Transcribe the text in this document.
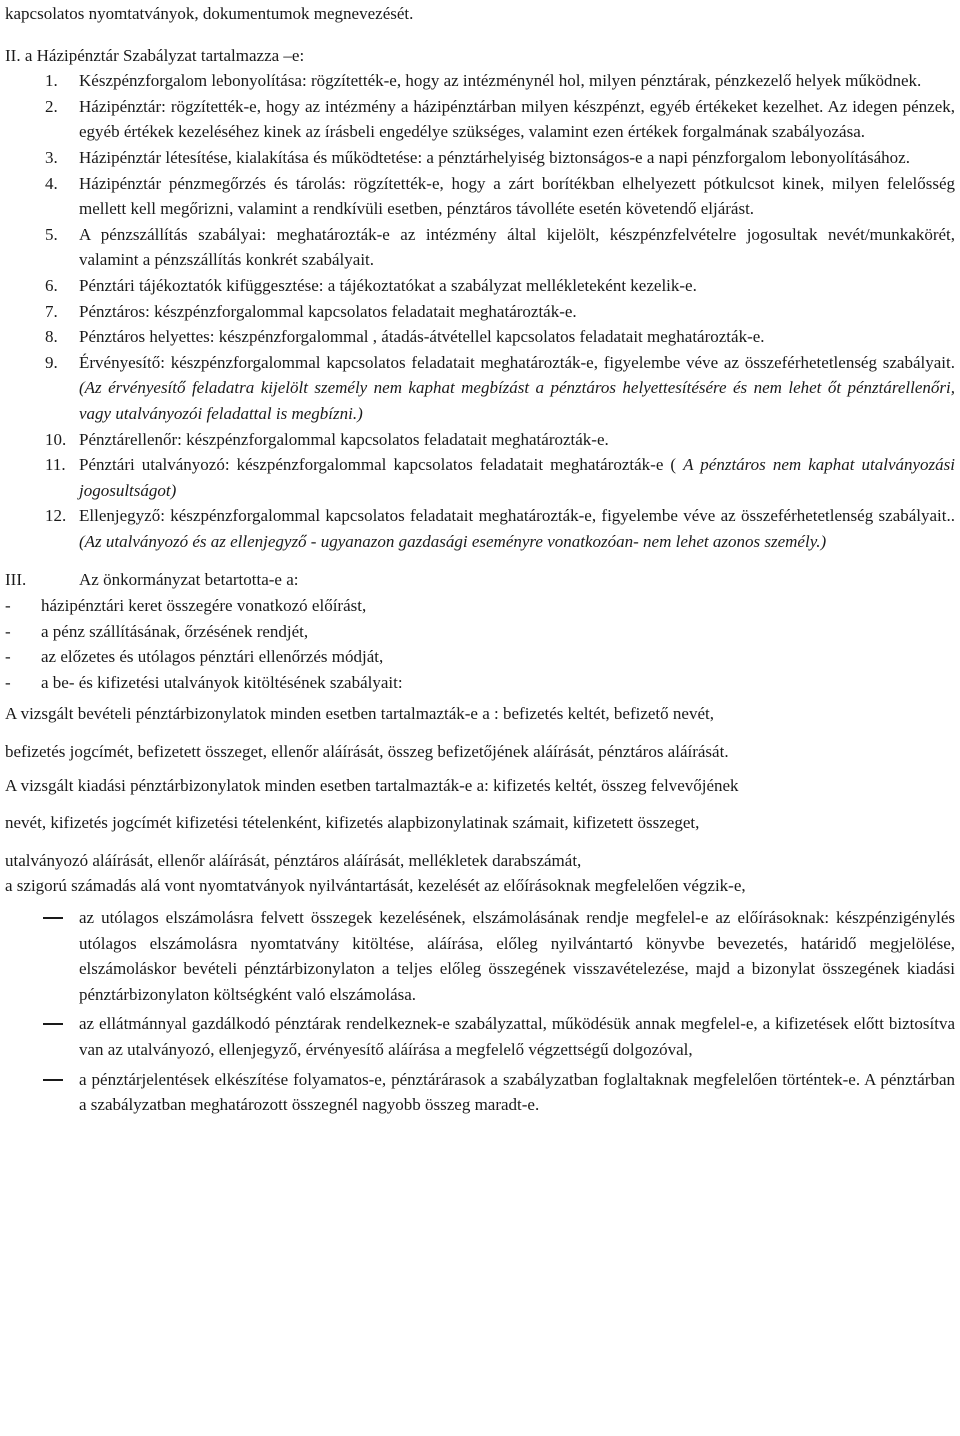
kapcsolatos nyomtatványok, dokumentumok megnevezését.

II. a Házipénztár Szabályzat tartalmazza –e:

1. Készpénzforgalom lebonyolítása: rögzítették-e, hogy az intézménynél hol, milyen pénztárak, pénzkezelő helyek működnek.
2. Házipénztár: rögzítették-e, hogy az intézmény a házipénztárban milyen készpénzt, egyéb értékeket kezelhet. Az idegen pénzek, egyéb értékek kezeléséhez kinek az írásbeli engedélye szükséges, valamint ezen értékek forgalmának szabályozása.
3. Házipénztár létesítése, kialakítása és működtetése: a pénztárhelyiség biztonságos-e a napi pénzforgalom lebonyolításához.
4. Házipénztár pénzmegőrzés és tárolás: rögzítették-e, hogy a zárt borítékban elhelyezett pótkulcsot kinek, milyen felelősség mellett kell megőrizni, valamint a rendkívüli esetben, pénztáros távolléte esetén követendő eljárást.
5. A pénzszállítás szabályai: meghatározták-e az intézmény által kijelölt, készpénzfelvételre jogosultak nevét/munkakörét, valamint a pénzszállítás konkrét szabályait.
6. Pénztári tájékoztatók kifüggesztése: a tájékoztatókat a szabályzat mellékleteként kezelik-e.
7. Pénztáros: készpénzforgalommal kapcsolatos feladatait meghatározták-e.
8. Pénztáros helyettes: készpénzforgalommal , átadás-átvétellel kapcsolatos feladatait meghatározták-e.
9. Érvényesítő: készpénzforgalommal kapcsolatos feladatait meghatározták-e, figyelembe véve az összeférhetetlenség szabályait. (Az érvényesítő feladatra kijelölt személy nem kaphat megbízást a pénztáros helyettesítésére és nem lehet őt pénztárellenőri, vagy utalványozói feladattal is megbízni.)
10. Pénztárellenőr: készpénzforgalommal kapcsolatos feladatait meghatározták-e.
11. Pénztári utalványozó: készpénzforgalommal kapcsolatos feladatait meghatározták-e ( A pénztáros nem kaphat utalványozási jogosultságot)
12. Ellenjegyző: készpénzforgalommal kapcsolatos feladatait meghatározták-e, figyelembe véve az összeférhetetlenség szabályait.. (Az utalványozó és az ellenjegyző - ugyanazon gazdasági eseményre vonatkozóan- nem lehet azonos személy.)
III.	Az önkormányzat betartotta-e a:
-	házipénztári keret összegére vonatkozó előírást,
-	a pénz szállításának, őrzésének rendjét,
-	az előzetes és utólagos pénztári ellenőrzés módját,
-	a be- és kifizetési utalványok kitöltésének szabályait:
A vizsgált bevételi pénztárbizonylatok minden esetben tartalmazták-e a : befizetés keltét, befizető nevét,
befizetés jogcímét, befizetett összeget, ellenőr aláírását, összeg befizetőjének aláírását, pénztáros aláírását.
A vizsgált kiadási pénztárbizonylatok minden esetben tartalmazták-e a: kifizetés keltét, összeg felvevőjének
nevét, kifizetés jogcímét kifizetési tételenként, kifizetés alapbizonylatinak számait, kifizetett összeget,
utalványozó aláírását, ellenőr aláírását, pénztáros aláírását, mellékletek darabszámát,
a szigorú számadás alá vont nyomtatványok nyilvántartását, kezelését az előírásoknak megfelelően végzik-e,
az utólagos elszámolásra felvett összegek kezelésének, elszámolásának rendje megfelel-e az előírásoknak: készpénzigénylés utólagos elszámolásra nyomtatvány kitöltése, aláírása, előleg nyilvántartó könyvbe bevezetés, határidő megjelölése, elszámoláskor bevételi pénztárbizonylaton a teljes előleg összegének visszavételezése, majd a bizonylat összegének kiadási pénztárbizonylaton költségként való elszámolása.
az ellátmánnyal gazdálkodó pénztárak rendelkeznek-e szabályzattal, működésük annak megfelel-e, a kifizetések előtt biztosítva van az utalványozó, ellenjegyző, érvényesítő aláírása a megfelelő végzettségű dolgozóval,
a pénztárjelentések elkészítése folyamatos-e, pénztárárasok a szabályzatban foglaltaknak megfelelően történtek-e. A pénztárban a szabályzatban meghatározott összegnél nagyobb összeg maradt-e.
